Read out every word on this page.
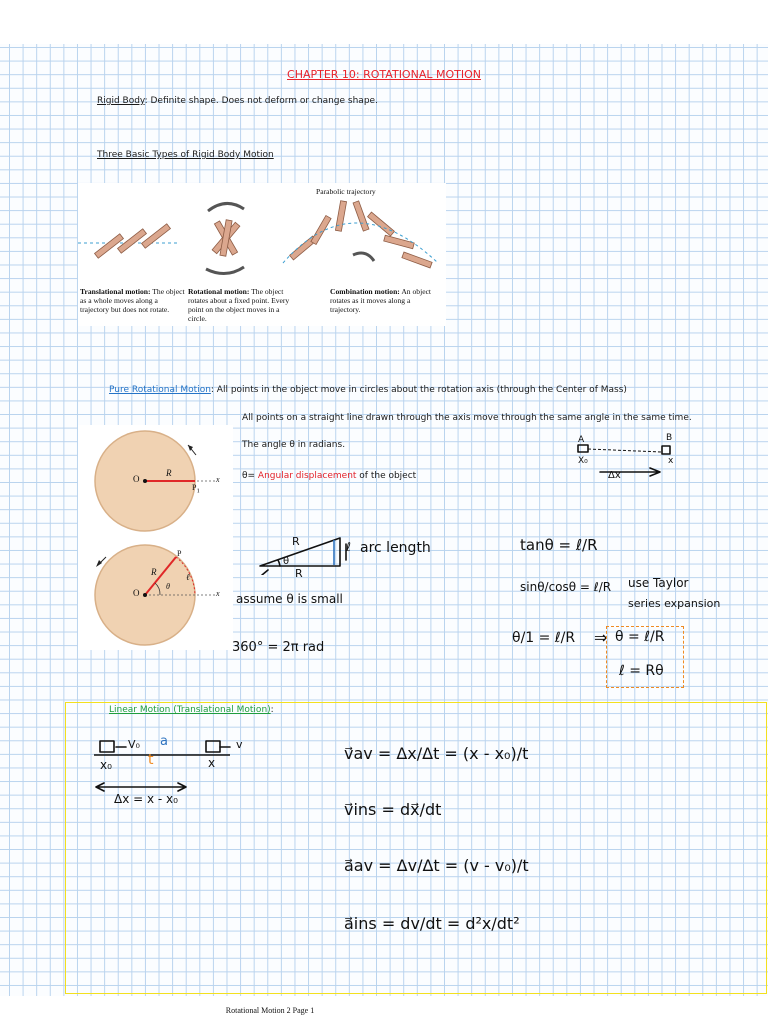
CHAPTER 10: ROTATIONAL MOTION
Rigid Body: Definite shape. Does not deform or change shape.
Three Basic Types of Rigid Body Motion
Parabolic trajectory
Translational motion: The object as a whole moves along a trajectory but does not rotate.
Rotational motion: The object rotates about a fixed point. Every point on the object moves in a circle.
Combination motion: An object rotates as it moves along a trajectory.
Pure Rotational Motion: All points in the object move in circles about the rotation axis (through the Center of Mass)
All points on a straight line drawn through the axis move through the same angle in the same time.
The angle θ in radians.
θ= Angular displacement of the object
O
R
$P_1$
x
O
R
P
θ
ℓ
x
A	B
X₀	x
Δx
R
R
θ
ℓ arc length
assume θ is small
360° = 2π rad
tanθ = ℓ/R
sinθ/cosθ = ℓ/R use Taylor
series expansion
θ/1 = ℓ/R ⇒ θ = ℓ/R
ℓ = Rθ
Linear Motion (Translational Motion):
V₀	v
a
t
x₀	x
Δx = x - x₀
v⃗av = Δx/Δt = (x - x₀)/t
v⃗ins = dx⃗/dt
a⃗av = Δv/Δt = (v - v₀)/t
a⃗ins = dv/dt = d²x/dt²
Rotational Motion 2 Page 1
